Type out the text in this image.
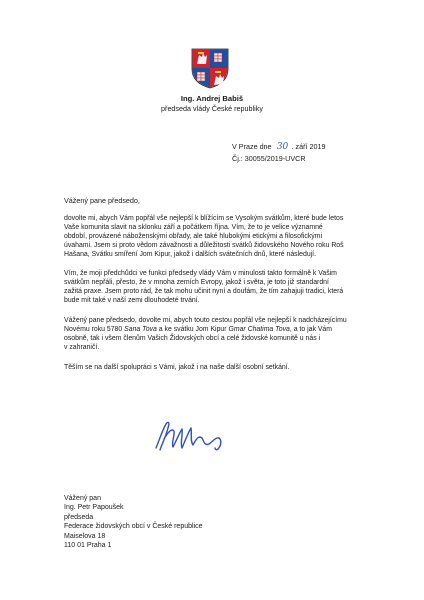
Ing. Andrej Babiš
předseda vlády České republiky
V Praze dne 30 . září 2019
Čj.: 30055/2019-UVCR
Vážený pane předsedo,

dovolte mi, abych Vám popřál vše nejlepší k blížícím se Vysokým svátkům, které bude letos
Vaše komunita slavit na sklonku září a počátkem října. Vím, že to je velice významné
období, provázené náboženskými obřady, ale také hlubokými etickými a filosofickými
úvahami. Jsem si proto vědom závažnosti a důležitosti svátků židovského Nového roku Roš
Hašana, Svátku smíření Jom Kipur, jakož i dalších svátečních dnů, které následují.

Vím, že moji předchůdci ve funkci předsedy vlády Vám v minulosti takto formálně k Vašim
svátkům nepřáli, přesto, že v mnoha zemích Evropy, jakož i světa, je toto již standardní
zažitá praxe. Jsem proto rád, že tak mohu učinit nyní a doufám, že tím zahajuji tradici, která
bude mít také v naší zemi dlouhodeté trvání.

Vážený pane předsedo, dovolte mi, abych touto cestou popřál vše nejlepší k nadcházejícímu
Novému roku 5780 Sana Tova a ke svátku Jom Kipur Gmar Chatima Tova, a to jak Vám
osobně, tak i všem členům Vašich Židovských obcí a celé židovské komunitě u nás i
v zahraničí.

Těším se na další spolupráci s Vámi, jakož i na naše další osobní setkání.

Vážený pan
Ing. Petr Papoušek
předseda
Federace židovských obcí v České republice
Maiselova 18
110 01 Praha 1
